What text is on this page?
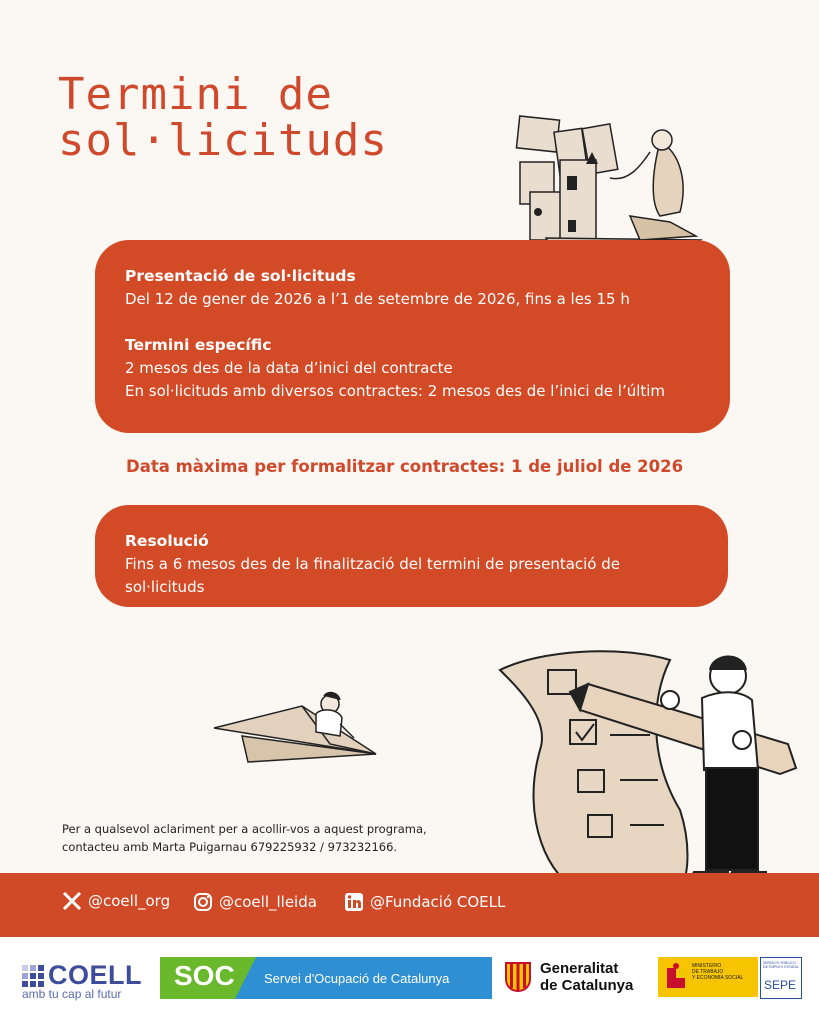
Termini de
sol·licituds
Presentació de sol·licituds

Del 12 de gener de 2026 a l’1 de setembre de 2026, fins a les 15 h

Termini específic

2 mesos des de la data d’inici del contracte

En sol·licituds amb diversos contractes: 2 mesos des de l’inici de l’últim

Data màxima per formalitzar contractes: 1 de juliol de 2026
Resolució

Fins a 6 mesos des de la finalització del termini de presentació de

sol·licituds

Per a qualsevol aclariment per a acollir-vos a aquest programa,
contacteu amb Marta Puigarnau 679225932 / 973232166.
@coell_org	@coell_lleida	@Fundació COELL
COELL
amb tu cap al futur
SOC Servei d'Ocupació de Catalunya
Generalitat
de Catalunya
MINISTERIO
DE TRABAJO
Y ECONOMÍA SOCIAL
SERVICIO PÚBLICO DE EMPLEO ESTATAL
SEPE
